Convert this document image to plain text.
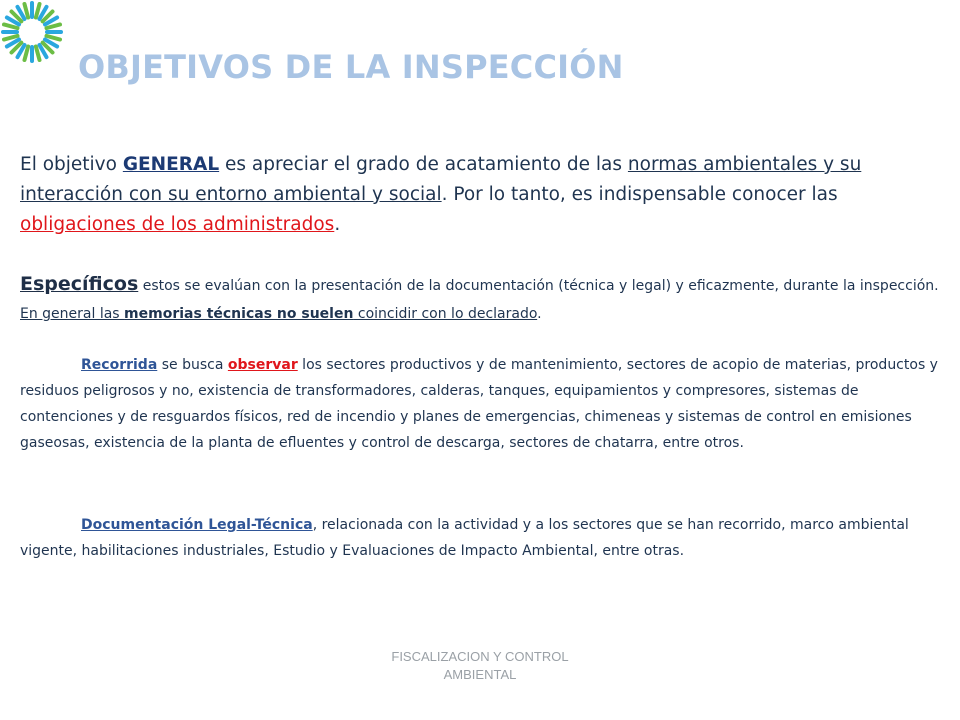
OBJETIVOS DE LA INSPECCIÓN

El objetivo GENERAL es apreciar el grado de acatamiento de las normas ambientales y su interacción con su entorno ambiental y social. Por lo tanto, es indispensable conocer las obligaciones de los administrados.

Específicos estos se evalúan con la presentación de la documentación (técnica y legal) y eficazmente, durante la inspección. En general las memorias técnicas no suelen coincidir con lo declarado.

Recorrida se busca observar los sectores productivos y de mantenimiento, sectores de acopio de materias, productos y residuos peligrosos y no, existencia de transformadores, calderas, tanques, equipamientos y compresores, sistemas de contenciones y de resguardos físicos, red de incendio y planes de emergencias, chimeneas y sistemas de control en emisiones gaseosas, existencia de la planta de efluentes y control de descarga, sectores de chatarra, entre otros.

Documentación Legal-Técnica, relacionada con la actividad y a los sectores que se han recorrido, marco ambiental vigente, habilitaciones industriales, Estudio y Evaluaciones de Impacto Ambiental, entre otras.

FISCALIZACION Y CONTROL
AMBIENTAL
